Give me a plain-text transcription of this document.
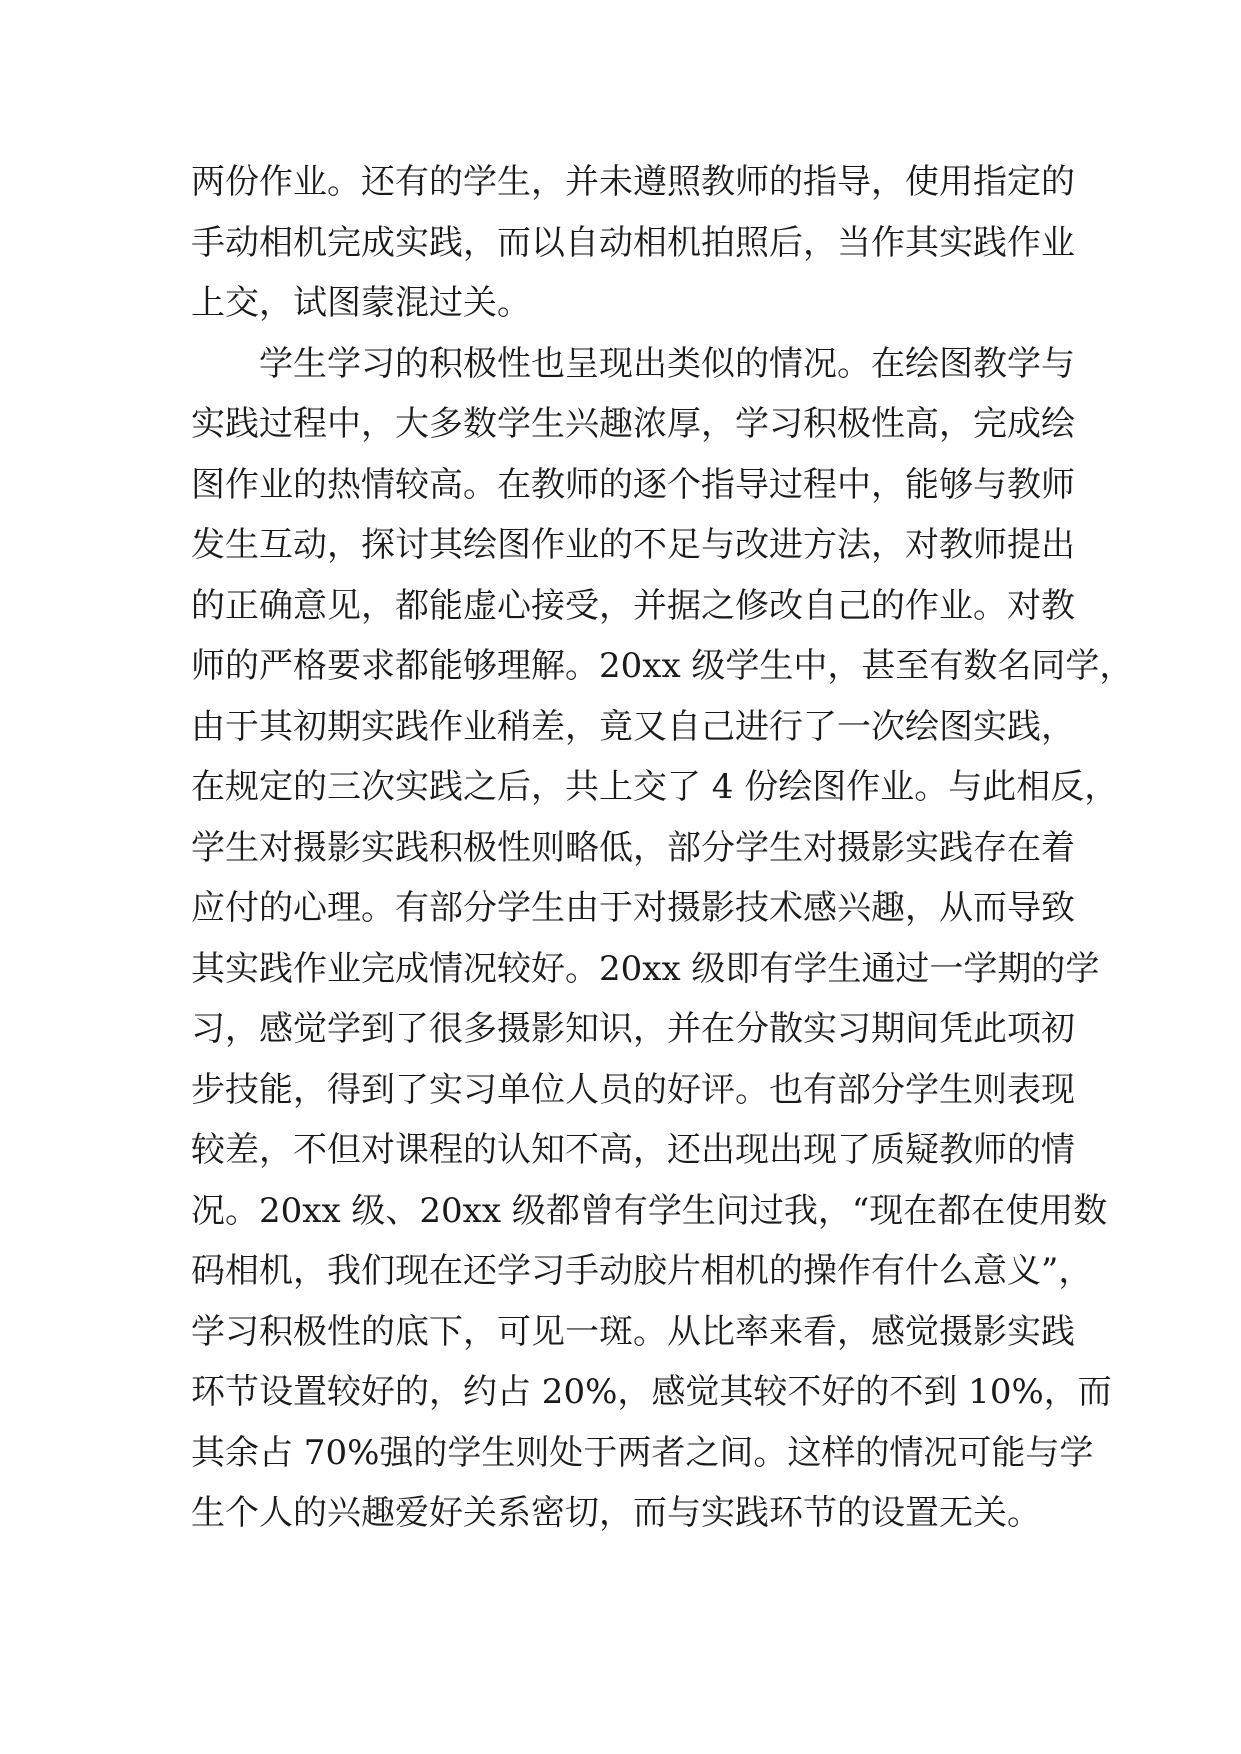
两份作业。还有的学生，并未遵照教师的指导，使用指定的
手动相机完成实践，而以自动相机拍照后，当作其实践作业
上交，试图蒙混过关。
学生学习的积极性也呈现出类似的情况。在绘图教学与
实践过程中，大多数学生兴趣浓厚，学习积极性高，完成绘
图作业的热情较高。在教师的逐个指导过程中，能够与教师
发生互动，探讨其绘图作业的不足与改进方法，对教师提出
的正确意见，都能虚心接受，并据之修改自己的作业。对教
师的严格要求都能够理解。20xx 级学生中，甚至有数名同学，
由于其初期实践作业稍差，竟又自己进行了一次绘图实践，
在规定的三次实践之后，共上交了 4 份绘图作业。与此相反，
学生对摄影实践积极性则略低，部分学生对摄影实践存在着
应付的心理。有部分学生由于对摄影技术感兴趣，从而导致
其实践作业完成情况较好。20xx 级即有学生通过一学期的学
习，感觉学到了很多摄影知识，并在分散实习期间凭此项初
步技能，得到了实习单位人员的好评。也有部分学生则表现
较差，不但对课程的认知不高，还出现出现了质疑教师的情
况。20xx 级、20xx 级都曾有学生问过我，“现在都在使用数
码相机，我们现在还学习手动胶片相机的操作有什么意义”，
学习积极性的底下，可见一斑。从比率来看，感觉摄影实践
环节设置较好的，约占 20%，感觉其较不好的不到 10%，而
其余占 70%强的学生则处于两者之间。这样的情况可能与学
生个人的兴趣爱好关系密切，而与实践环节的设置无关。
